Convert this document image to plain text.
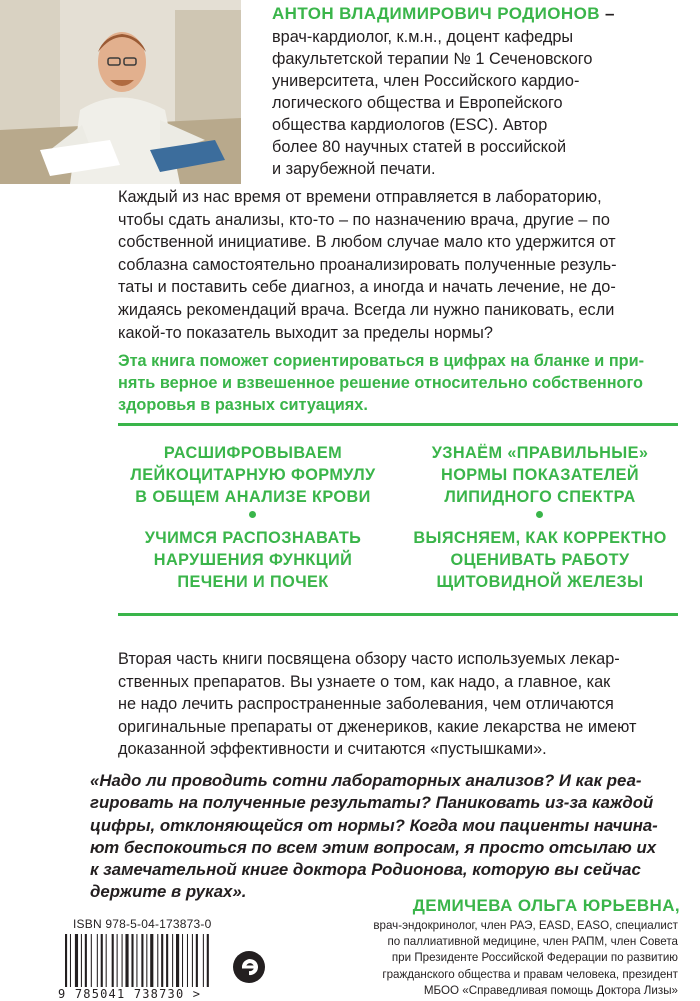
АНТОН ВЛАДИМИРОВИЧ РОДИОНОВ –

врач-кардиолог, к.м.н., доцент кафедры

факультетской терапии № 1 Сеченовского

университета, член Российского кардио-

логического общества и Европейского

общества кардиологов (ESC). Автор

более 80 научных статей в российской

и зарубежной печати.

Каждый из нас время от времени отправляется в лабораторию,

чтобы сдать анализы, кто-то – по назначению врача, другие – по

собственной инициативе. В любом случае мало кто удержится от

соблазна самостоятельно проанализировать полученные резуль-

таты и поставить себе диагноз, а иногда и начать лечение, не до-

жидаясь рекомендаций врача. Всегда ли нужно паниковать, если

какой-то показатель выходит за пределы нормы?

Эта книга поможет сориентироваться в цифрах на бланке и при-

нять верное и взвешенное решение относительно собственного

здоровья в разных ситуациях.

РАСШИФРОВЫВАЕМ

ЛЕЙКОЦИТАРНУЮ ФОРМУЛУ

В ОБЩЕМ АНАЛИЗЕ КРОВИ

УЗНАЁМ «ПРАВИЛЬНЫЕ»

НОРМЫ ПОКАЗАТЕЛЕЙ

ЛИПИДНОГО СПЕКТРА

УЧИМСЯ РАСПОЗНАВАТЬ

НАРУШЕНИЯ ФУНКЦИЙ

ПЕЧЕНИ И ПОЧЕК

ВЫЯСНЯЕМ, КАК КОРРЕКТНО

ОЦЕНИВАТЬ РАБОТУ

ЩИТОВИДНОЙ ЖЕЛЕЗЫ

Вторая часть книги посвящена обзору часто используемых лекар-

ственных препаратов. Вы узнаете о том, как надо, а главное, как

не надо лечить распространенные заболевания, чем отличаются

оригинальные препараты от дженериков, какие лекарства не имеют

доказанной эффективности и считаются «пустышками».

«Надо ли проводить сотни лабораторных анализов? И как реа-

гировать на полученные результаты? Паниковать из-за каждой

цифры, отклоняющейся от нормы? Когда мои пациенты начина-

ют беспокоиться по всем этим вопросам, я просто отсылаю их

к замечательной книге доктора Родионова, которую вы сейчас

держите в руках».

ДЕМИЧЕВА ОЛЬГА ЮРЬЕВНА,

врач-эндокринолог, член РАЭ, EASD, EASO, специалист

по паллиативной медицине, член РАПМ, член Совета

при Президенте Российской Федерации по развитию

гражданского общества и правам человека, президент

МБОО «Справедливая помощь Доктора Лизы»

ISBN 978-5-04-173873-0
9 785041 738730 >
